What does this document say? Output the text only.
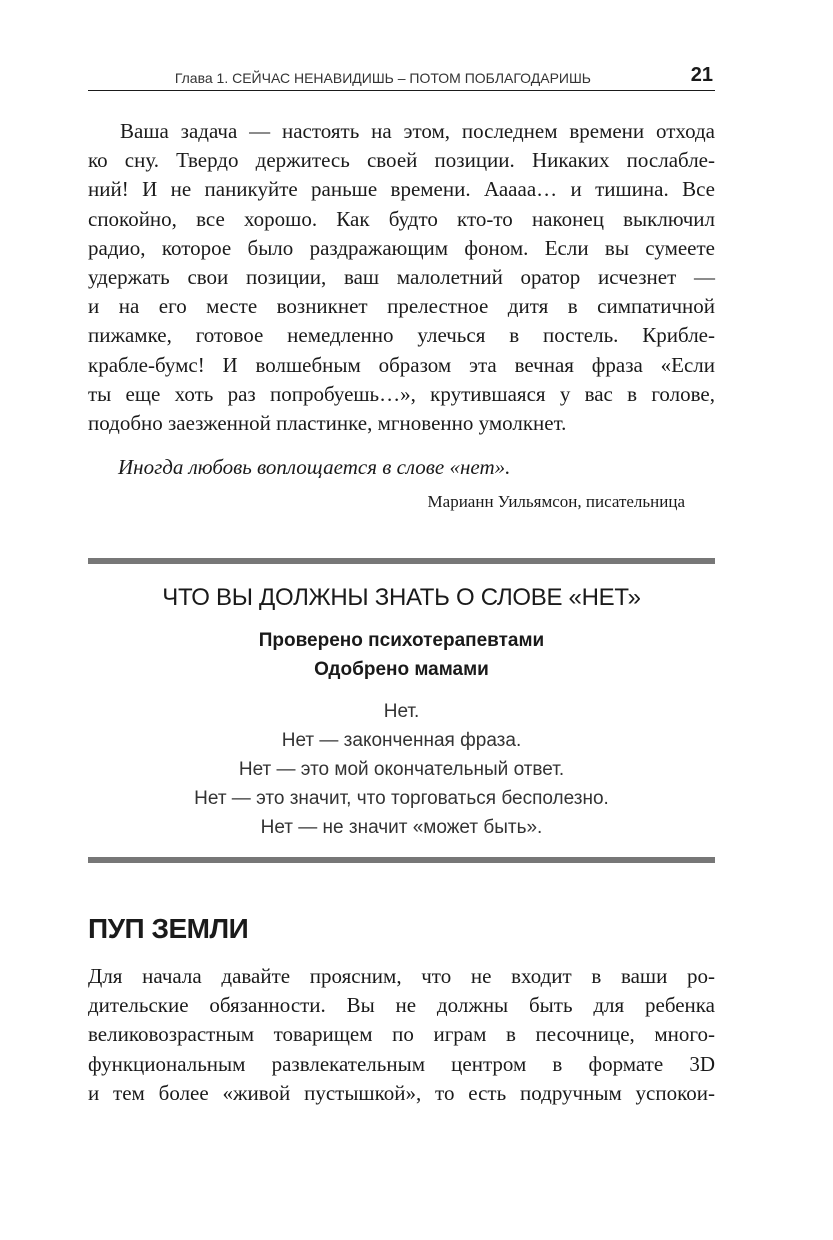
Глава 1. СЕЙЧАС НЕНАВИДИШЬ – ПОТОМ ПОБЛАГОДАРИШЬ	21
Ваша задача — настоять на этом, последнем времени отхода
ко сну. Твердо держитесь своей позиции. Никаких послабле-
ний! И не паникуйте раньше времени. Ааааа… и тишина. Все
спокойно, все хорошо. Как будто кто-то наконец выключил
радио, которое было раздражающим фоном. Если вы сумеете
удержать свои позиции, ваш малолетний оратор исчезнет —
и на его месте возникнет прелестное дитя в симпатичной
пижамке, готовое немедленно улечься в постель. Крибле-
крабле-бумс! И волшебным образом эта вечная фраза «Если
ты еще хоть раз попробуешь…», крутившаяся у вас в голове,
подобно заезженной пластинке, мгновенно умолкнет.
Иногда любовь воплощается в слове «нет».
Марианн Уильямсон, писательница
ЧТО ВЫ ДОЛЖНЫ ЗНАТЬ О СЛОВЕ «НЕТ»
Проверено психотерапевтами
Одобрено мамами
Нет.
Нет — законченная фраза.
Нет — это мой окончательный ответ.
Нет — это значит, что торговаться бесполезно.
Нет — не значит «может быть».
ПУП ЗЕМЛИ
Для начала давайте проясним, что не входит в ваши ро-
дительские обязанности. Вы не должны быть для ребенка
великовозрастным товарищем по играм в песочнице, много-
функциональным развлекательным центром в формате 3D
и тем более «живой пустышкой», то есть подручным успокои-
